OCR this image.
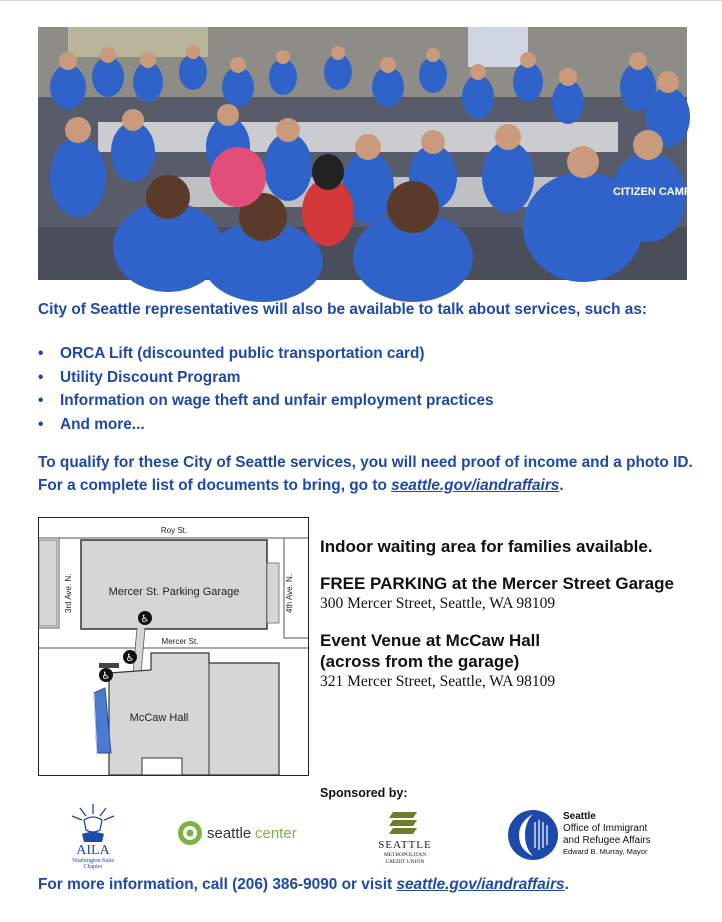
CITIZEN CAMPAIGN
City of Seattle representatives will also be available to talk about services, such as:
• ORCA Lift (discounted public transportation card)
• Utility Discount Program
• Information on wage theft and unfair employment practices
• And more...
To qualify for these City of Seattle services, you will need proof of income and a photo ID.
For a complete list of documents to bring, go to seattle.gov/iandraffairs.
♿
♿
♿
Roy St.
3rd Ave. N.	4th Ave. N.
Mercer St.
Mercer St. Parking Garage
McCaw Hall
Indoor waiting area for families available.
FREE PARKING at the Mercer Street Garage
300 Mercer Street, Seattle, WA 98109
Event Venue at McCaw Hall
(across from the garage)
321 Mercer Street, Seattle, WA 98109
Sponsored by:
AILA
Washington State
Chapter
seattle center
SEATTLE
METROPOLITAN
CREDIT UNION
Seattle
Office of Immigrant
and Refugee Affairs
Edward B. Murray, Mayor
For more information, call (206) 386-9090 or visit seattle.gov/iandraffairs.
